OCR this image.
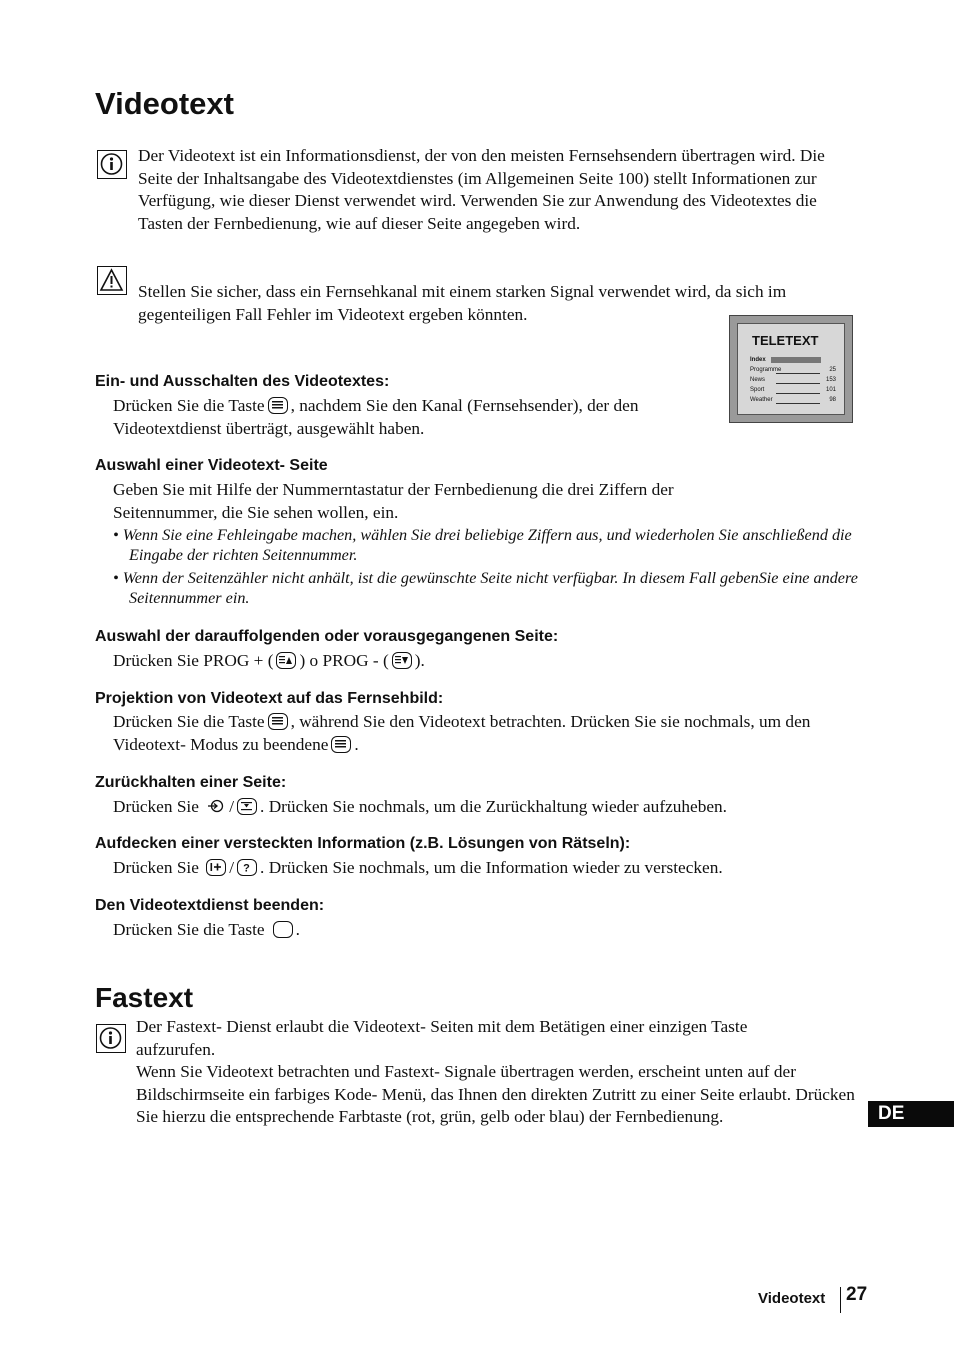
Videotext

Der Videotext ist ein Informationsdienst, der von den meisten Fernsehsendern übertragen wird. Die Seite der Inhaltsangabe des Videotextdienstes (im Allgemeinen Seite 100) stellt Informationen zur Verfügung, wie dieser Dienst verwendet wird. Verwenden Sie zur Anwendung des Videotextes die Tasten der Fernbedienung, wie auf dieser Seite angegeben wird.

Stellen Sie sicher, dass ein Fernsehkanal mit einem starken Signal verwendet wird, da sich im gegenteiligen Fall Fehler im Videotext ergeben könnten.

TELETEXT
Index
Programme	25
News	153
Sport	101
Weather	98
Ein- und Ausschalten des Videotextes:
Drücken Sie die Taste , nachdem Sie den Kanal (Fernsehsender), der den Videotextdienst überträgt, ausgewählt haben.
Auswahl einer Videotext- Seite
Geben Sie mit Hilfe der Nummerntastatur der Fernbedienung die drei Ziffern der Seitennummer, die Sie sehen wollen, ein.
• Wenn Sie eine Fehleingabe machen, wählen Sie drei beliebige Ziffern aus, und wiederholen Sie anschließend die Eingabe der richten Seitennummer.
• Wenn der Seitenzähler nicht anhält, ist die gewünschte Seite nicht verfügbar. In diesem Fall gebenSie eine andere Seitennummer ein.
Auswahl der darauffolgenden oder vorausgegangenen Seite:
Drücken Sie PROG + ( ) o PROG - ( ).
Projektion von Videotext auf das Fernsehbild:
Drücken Sie die Taste , während Sie den Videotext betrachten. Drücken Sie sie nochmals, um den Videotext- Modus zu beendene .
Zurückhalten einer Seite:
Drücken Sie / . Drücken Sie nochmals, um die Zurückhaltung wieder aufzuheben.
Aufdecken einer versteckten Information (z.B. Lösungen von Rätseln):
Drücken Sie / ? . Drücken Sie nochmals, um die Information wieder zu verstecken.
Den Videotextdienst beenden:
Drücken Sie die Taste .
Fastext

Der Fastext- Dienst erlaubt die Videotext- Seiten mit dem Betätigen einer einzigen Taste aufzurufen.

Wenn Sie Videotext betrachten und Fastext- Signale übertragen werden, erscheint unten auf der Bildschirmseite ein farbiges Kode- Menü, das Ihnen den direkten Zutritt zu einer Seite erlaubt. Drücken Sie hierzu die entsprechende Farbtaste (rot, grün, gelb oder blau) der Fernbedienung.	DE
Videotext 27
